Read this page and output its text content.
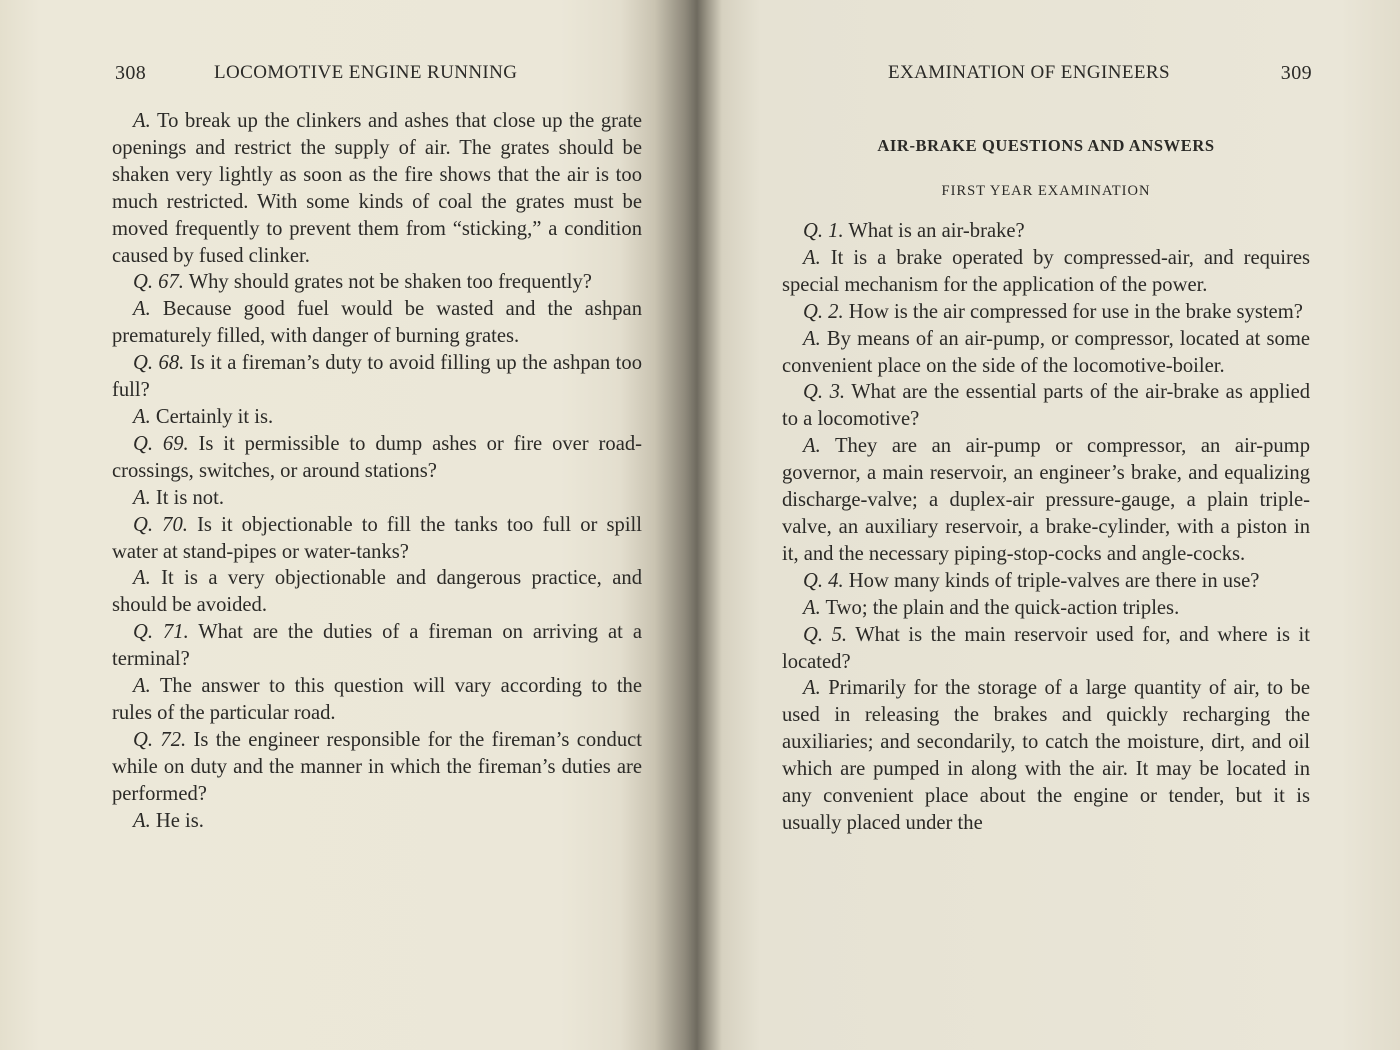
308	LOCOMOTIVE ENGINE RUNNING

A. To break up the clinkers and ashes that close up the grate openings and restrict the supply of air. The grates should be shaken very lightly as soon as the fire shows that the air is too much restricted. With some kinds of coal the grates must be moved frequently to prevent them from “sticking,” a condition caused by fused clinker.

Q. 67. Why should grates not be shaken too frequently?

A. Because good fuel would be wasted and the ashpan prematurely filled, with danger of burning grates.

Q. 68. Is it a fireman’s duty to avoid filling up the ashpan too full?

A. Certainly it is.

Q. 69. Is it permissible to dump ashes or fire over road-crossings, switches, or around stations?

A. It is not.

Q. 70. Is it objectionable to fill the tanks too full or spill water at stand-pipes or water-tanks?

A. It is a very objectionable and dangerous practice, and should be avoided.

Q. 71. What are the duties of a fireman on arriving at a terminal?

A. The answer to this question will vary according to the rules of the particular road.

Q. 72. Is the engineer responsible for the fireman’s conduct while on duty and the manner in which the fireman’s duties are performed?

A. He is.

EXAMINATION OF ENGINEERS	309
AIR-BRAKE QUESTIONS AND ANSWERS
FIRST YEAR EXAMINATION

Q. 1. What is an air-brake?

A. It is a brake operated by compressed-air, and requires special mechanism for the application of the power.

Q. 2. How is the air compressed for use in the brake system?

A. By means of an air-pump, or compressor, located at some convenient place on the side of the locomotive-boiler.

Q. 3. What are the essential parts of the air-brake as applied to a locomotive?

A. They are an air-pump or compressor, an air-pump governor, a main reservoir, an engineer’s brake, and equalizing discharge-valve; a duplex-air pressure-gauge, a plain triple-valve, an auxiliary reservoir, a brake-cylinder, with a piston in it, and the necessary piping-stop-cocks and angle-cocks.

Q. 4. How many kinds of triple-valves are there in use?

A. Two; the plain and the quick-action triples.

Q. 5. What is the main reservoir used for, and where is it located?

A. Primarily for the storage of a large quantity of air, to be used in releasing the brakes and quickly recharging the auxiliaries; and secondarily, to catch the moisture, dirt, and oil which are pumped in along with the air. It may be located in any convenient place about the engine or tender, but it is usually placed under the
